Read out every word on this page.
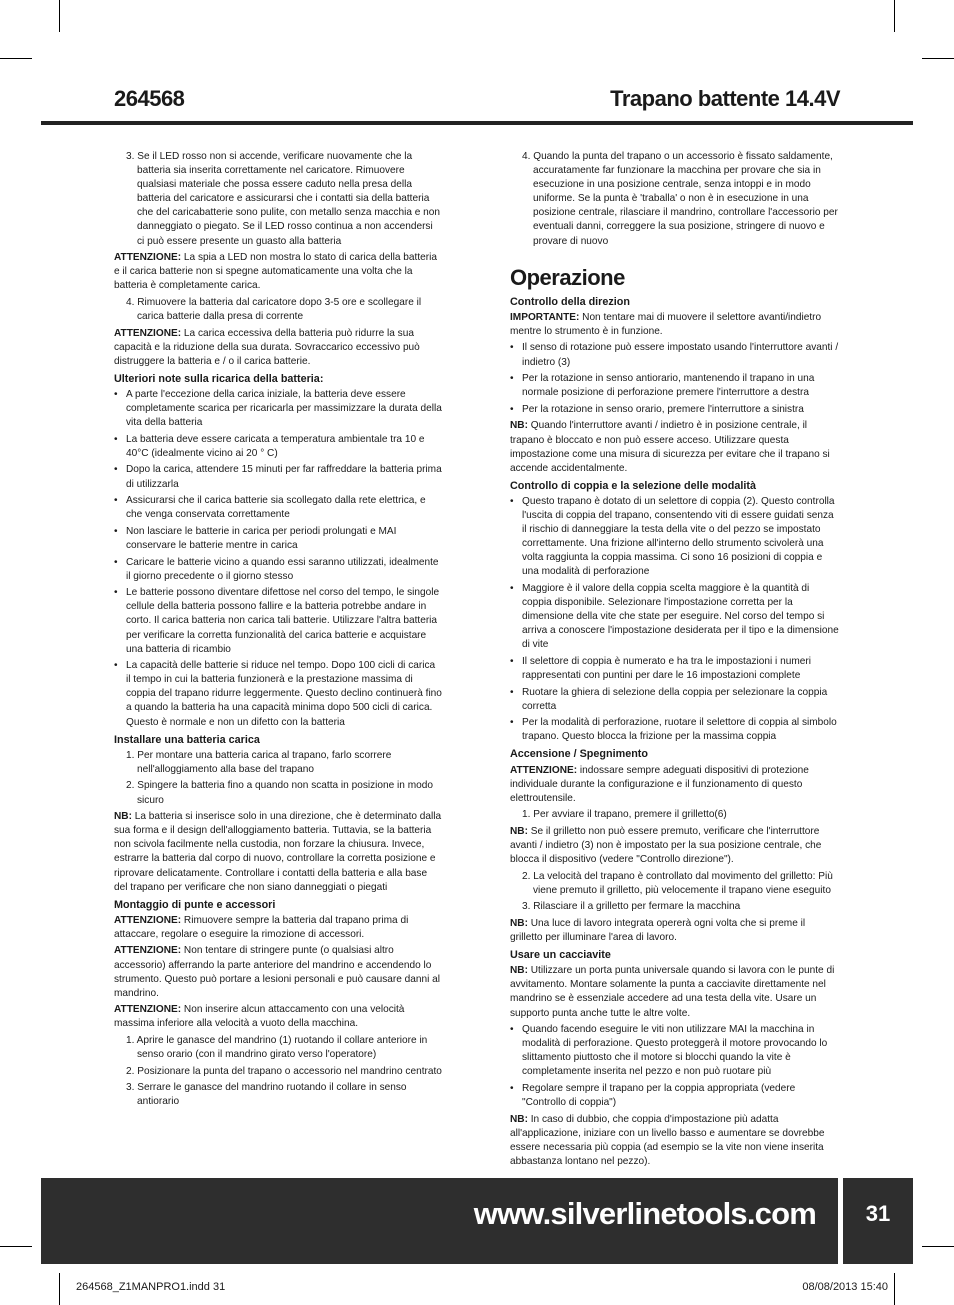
264568	Trapano battente 14.4V
3. Se il LED rosso non si accende, verificare nuovamente che la batteria sia inserita correttamente nel caricatore. Rimuovere qualsiasi materiale che possa essere caduto nella presa della batteria del caricatore e assicurarsi che i contatti sia della batteria che del caricabatterie sono pulite, con metallo senza macchia e non danneggiato o piegato. Se il LED rosso continua a non accendersi ci può essere presente un guasto alla batteria
ATTENZIONE: La spia a LED non mostra lo stato di carica della batteria e il carica batterie non si spegne automaticamente una volta che la batteria è completamente carica.
4. Rimuovere la batteria dal caricatore dopo 3-5 ore e scollegare il carica batterie dalla presa di corrente
ATTENZIONE: La carica eccessiva della batteria può ridurre la sua capacità e la riduzione della sua durata. Sovraccarico eccessivo può distruggere la batteria e / o il carica batterie.
Ulteriori note sulla ricarica della batteria:
• A parte l'eccezione della carica iniziale, la batteria deve essere completamente scarica per ricaricarla per massimizzare la durata della vita della batteria
• La batteria deve essere caricata a temperatura ambientale tra 10 e 40°C (idealmente vicino ai 20 ° C)
• Dopo la carica, attendere 15 minuti per far raffreddare la batteria prima di utilizzarla
• Assicurarsi che il carica batterie sia scollegato dalla rete elettrica, e che venga conservata correttamente
• Non lasciare le batterie in carica per periodi prolungati e MAI conservare le batterie mentre in carica
• Caricare le batterie vicino a quando essi saranno utilizzati, idealmente il giorno precedente o il giorno stesso
• Le batterie possono diventare difettose nel corso del tempo, le singole cellule della batteria possono fallire e la batteria potrebbe andare in corto. Il carica batteria non carica tali batterie. Utilizzare l'altra batteria per verificare la corretta funzionalità del carica batterie e acquistare una batteria di ricambio
• La capacità delle batterie si riduce nel tempo. Dopo 100 cicli di carica il tempo in cui la batteria funzionerà e la prestazione massima di coppia del trapano ridurre leggermente. Questo declino continuerà fino a quando la batteria ha una capacità minima dopo 500 cicli di carica. Questo è normale e non un difetto con la batteria
Installare una batteria carica
1. Per montare una batteria carica al trapano, farlo scorrere nell'alloggiamento alla base del trapano
2. Spingere la batteria fino a quando non scatta in posizione in modo sicuro
NB: La batteria si inserisce solo in una direzione, che è determinato dalla sua forma e il design dell'alloggiamento batteria. Tuttavia, se la batteria non scivola facilmente nella custodia, non forzare la chiusura. Invece, estrarre la batteria dal corpo di nuovo, controllare la corretta posizione e riprovare delicatamente. Controllare i contatti della batteria e alla base del trapano per verificare che non siano danneggiati o piegati
Montaggio di punte e accessori
ATTENZIONE: Rimuovere sempre la batteria dal trapano prima di attaccare, regolare o eseguire la rimozione di accessori.
ATTENZIONE: Non tentare di stringere punte (o qualsiasi altro accessorio) afferrando la parte anteriore del mandrino e accendendo lo strumento. Questo può portare a lesioni personali e può causare danni al mandrino.
ATTENZIONE: Non inserire alcun attaccamento con una velocità massima inferiore alla velocità a vuoto della macchina.
1. Aprire le ganasce del mandrino (1) ruotando il collare anteriore in senso orario (con il mandrino girato verso l'operatore)
2. Posizionare la punta del trapano o accessorio nel mandrino centrato
3. Serrare le ganasce del mandrino ruotando il collare in senso antiorario
4. Quando la punta del trapano o un accessorio è fissato saldamente, accuratamente far funzionare la macchina per provare che sia in esecuzione in una posizione centrale, senza intoppi e in modo uniforme. Se la punta è 'traballa' o non è in esecuzione in una posizione centrale, rilasciare il mandrino, controllare l'accessorio per eventuali danni, correggere la sua posizione, stringere di nuovo e provare di nuovo
Operazione
Controllo della direzion
IMPORTANTE: Non tentare mai di muovere il selettore avanti/indietro mentre lo strumento è in funzione.
• Il senso di rotazione può essere impostato usando l'interruttore avanti / indietro (3)
• Per la rotazione in senso antiorario, mantenendo il trapano in una normale posizione di perforazione premere l'interruttore a destra
• Per la rotazione in senso orario, premere l'interruttore a sinistra
NB: Quando l'interruttore avanti / indietro è in posizione centrale, il trapano è bloccato e non può essere acceso. Utilizzare questa impostazione come una misura di sicurezza per evitare che il trapano si accende accidentalmente.
Controllo di coppia e la selezione delle modalità
• Questo trapano è dotato di un selettore di coppia (2). Questo controlla l'uscita di coppia del trapano, consentendo viti di essere guidati senza il rischio di danneggiare la testa della vite o del pezzo se impostato correttamente. Una frizione all'interno dello strumento scivolerà una volta raggiunta la coppia massima. Ci sono 16 posizioni di coppia e una modalità di perforazione
• Maggiore è il valore della coppia scelta maggiore è la quantità di coppia disponibile. Selezionare l'impostazione corretta per la dimensione della vite che state per eseguire. Nel corso del tempo si arriva a conoscere l'impostazione desiderata per il tipo e la dimensione di vite
• Il selettore di coppia è numerato e ha tra le impostazioni i numeri rappresentati con puntini per dare le 16 impostazioni complete
• Ruotare la ghiera di selezione della coppia per selezionare la coppia corretta
• Per la modalità di perforazione, ruotare il selettore di coppia al simbolo trapano. Questo blocca la frizione per la massima coppia
Accensione / Spegnimento
ATTENZIONE: indossare sempre adeguati dispositivi di protezione individuale durante la configurazione e il funzionamento di questo elettroutensile.
1. Per avviare il trapano, premere il grilletto(6)
NB: Se il grilletto non può essere premuto, verificare che l'interruttore avanti / indietro (3) non è impostato per la sua posizione centrale, che blocca il dispositivo (vedere "Controllo direzione").
2. La velocità del trapano è controllato dal movimento del grilletto: Più viene premuto il grilletto, più velocemente il trapano viene eseguito
3. Rilasciare il a grilletto per fermare la macchina
NB: Una luce di lavoro integrata opererà ogni volta che si preme il grilletto per illuminare l'area di lavoro.
Usare un cacciavite
NB: Utilizzare un porta punta universale quando si lavora con le punte di avvitamento. Montare solamente la punta a cacciavite direttamente nel mandrino se è essenziale accedere ad una testa della vite. Usare un supporto punta anche tutte le altre volte.
• Quando facendo eseguire le viti non utilizzare MAI la macchina in modalità di perforazione. Questo proteggerà il motore provocando lo slittamento piuttosto che il motore si blocchi quando la vite è completamente inserita nel pezzo e non può ruotare più
• Regolare sempre il trapano per la coppia appropriata (vedere "Controllo di coppia")
NB: In caso di dubbio, che coppia d'impostazione più adatta all'applicazione, iniziare con un livello basso e aumentare se dovrebbe essere necessaria più coppia (ad esempio se la vite non viene inserita abbastanza lontano nel pezzo).
www.silverlinetools.com	31
264568_Z1MANPRO1.indd 31	08/08/2013 15:40
